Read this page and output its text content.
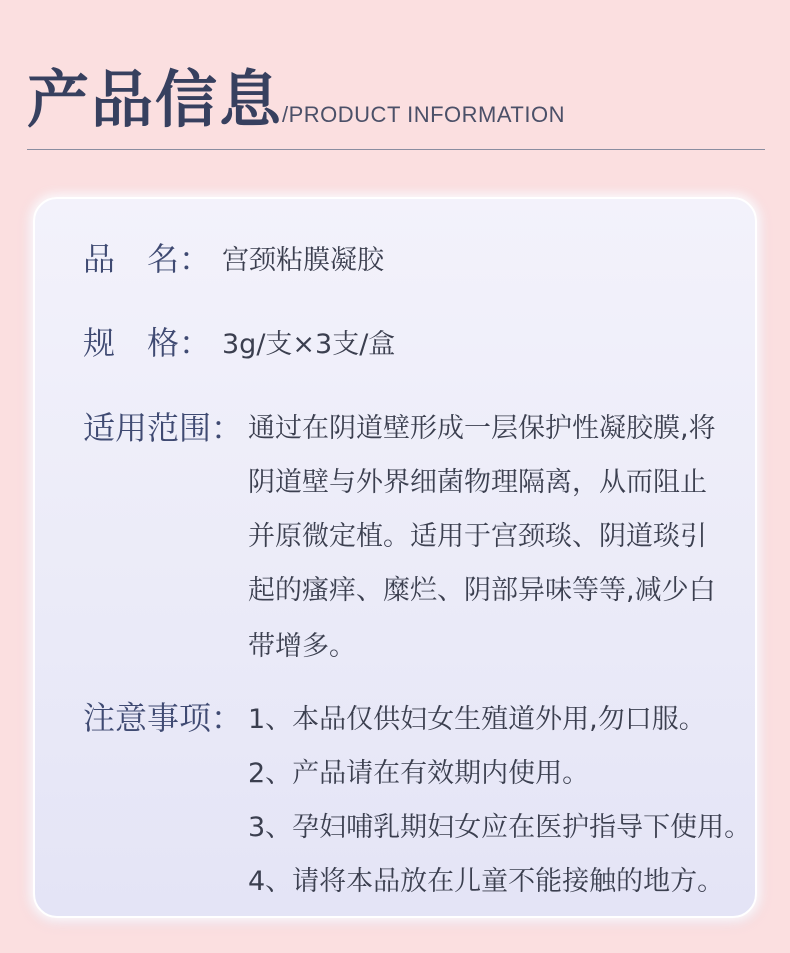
产品信息
/PRODUCT INFORMATION
品　名： 宫颈粘膜凝胶
规　格： 3g/支×3支/盒
适用范围： 通过在阴道壁形成一层保护性凝胶膜,将
阴道壁与外界细菌物理隔离，从而阻止
并原微定植。适用于宫颈琰、阴道琰引
起的瘙痒、糜烂、阴部异味等等,减少白
带增多。
注意事项： 1、本品仅供妇女生殖道外用,勿口服。
2、产品请在有效期内使用。
3、孕妇哺乳期妇女应在医护指导下使用。
4、请将本品放在儿童不能接触的地方。
